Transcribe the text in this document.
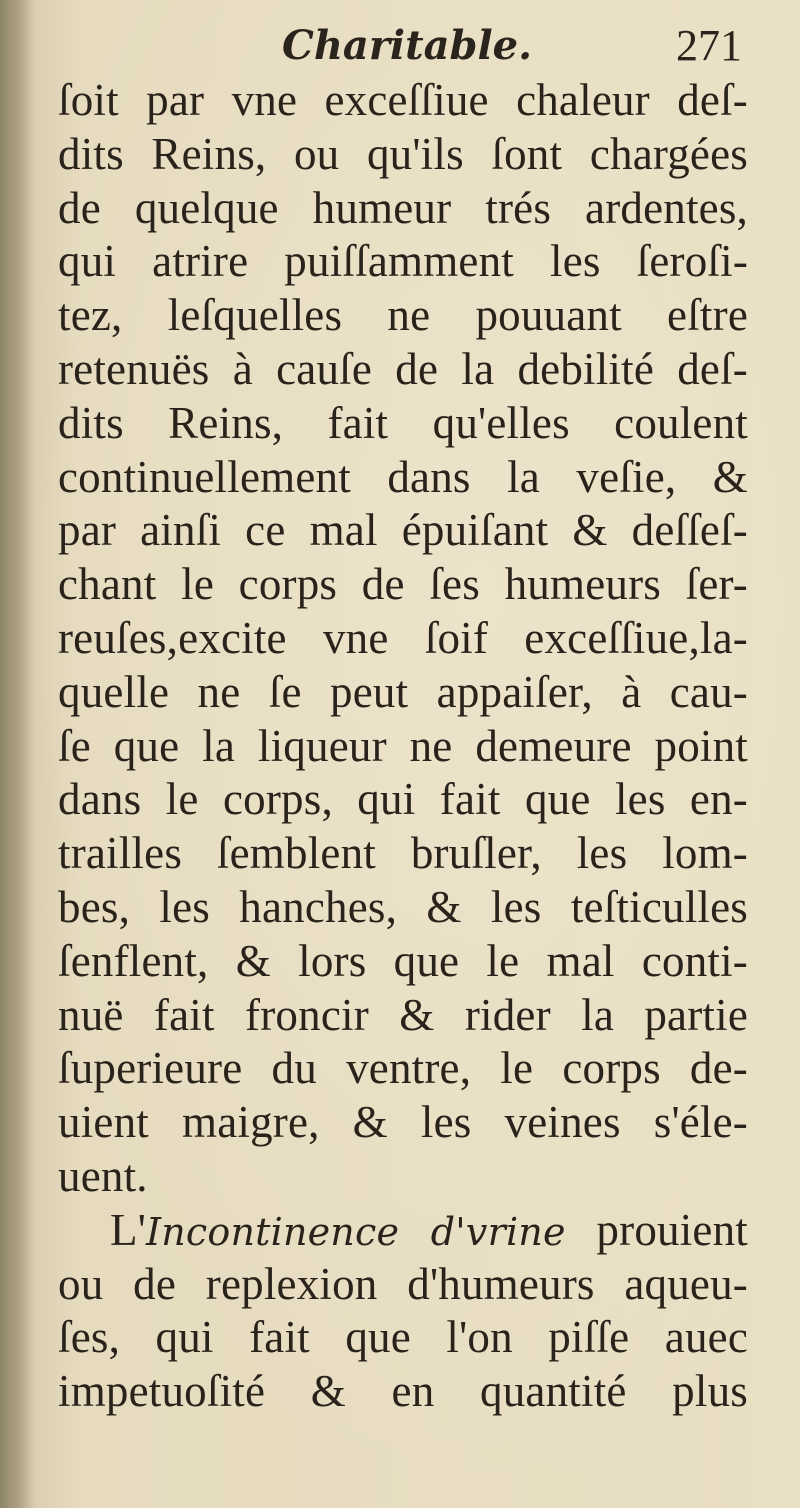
Charitable.	271
ſoit par vne exceſſiue chaleur deſ-
dits Reins, ou qu'ils ſont chargées
de quelque humeur trés ardentes,
qui atrire puiſſamment les ſeroſi-
tez, leſquelles ne pouuant eſtre
retenuës à cauſe de la debilité deſ-
dits Reins, fait qu'elles coulent
continuellement dans la veſie, &
par ainſi ce mal épuiſant & deſſeſ-
chant le corps de ſes humeurs ſer-
reuſes,excite vne ſoif exceſſiue,la-
quelle ne ſe peut appaiſer, à cau-
ſe que la liqueur ne demeure point
dans le corps, qui fait que les en-
trailles ſemblent bruſler, les lom-
bes, les hanches, & les teſticulles
ſenflent, & lors que le mal conti-
nuë fait froncir & rider la partie
ſuperieure du ventre, le corps de-
uient maigre, & les veines s'éle-
uent.
L'Incontinence d'vrine prouient
ou de replexion d'humeurs aqueu-
ſes, qui fait que l'on piſſe auec
impetuoſité & en quantité plus
